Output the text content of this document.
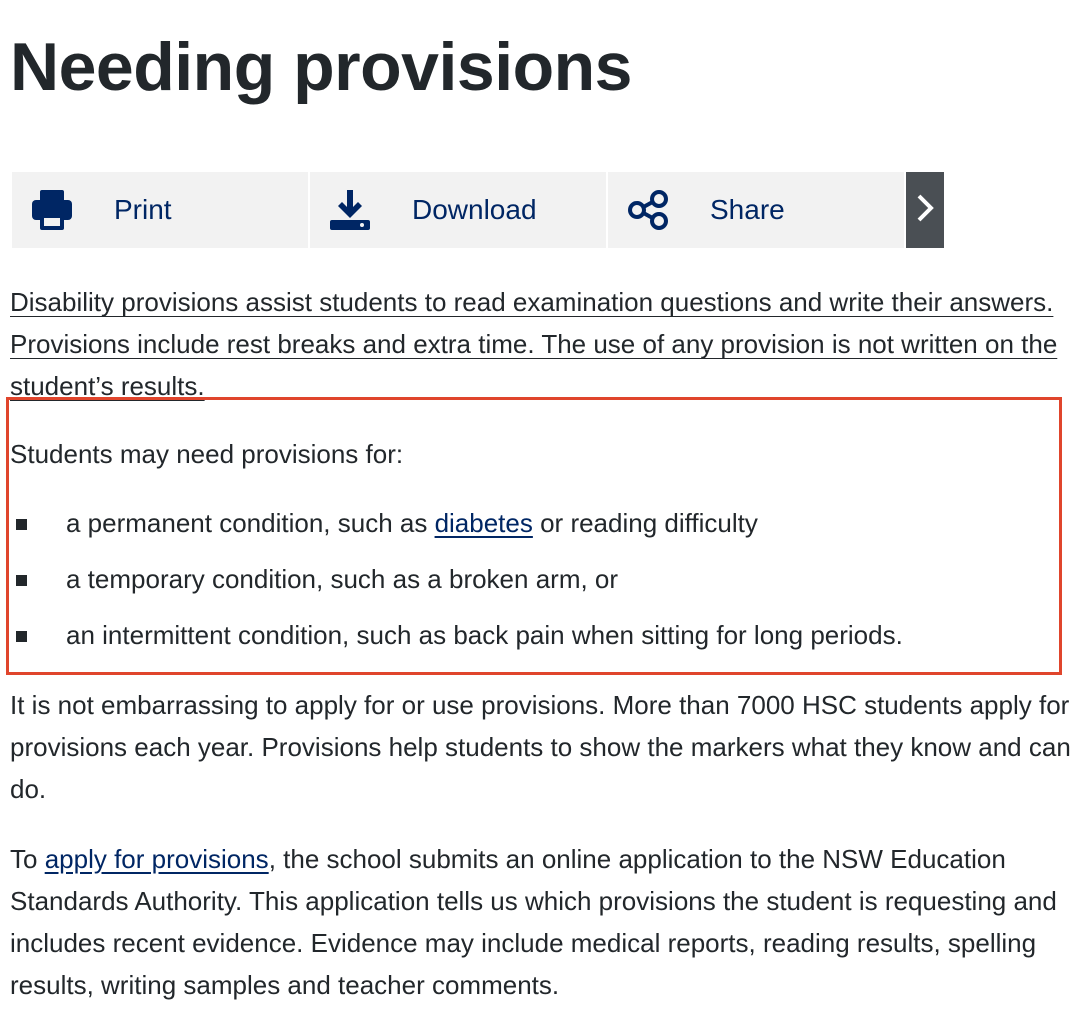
Needing provisions
Print	Download	Share

Disability provisions assist students to read examination questions and write their answers. Provisions include rest breaks and extra time. The use of any provision is not written on the student’s results.

Students may need provisions for:

a permanent condition, such as diabetes or reading difficulty
a temporary condition, such as a broken arm, or
an intermittent condition, such as back pain when sitting for long periods.

It is not embarrassing to apply for or use provisions. More than 7000 HSC students apply for provisions each year. Provisions help students to show the markers what they know and can do.

To apply for provisions, the school submits an online application to the NSW Education Standards Authority. This application tells us which provisions the student is requesting and includes recent evidence. Evidence may include medical reports, reading results, spelling results, writing samples and teacher comments.
